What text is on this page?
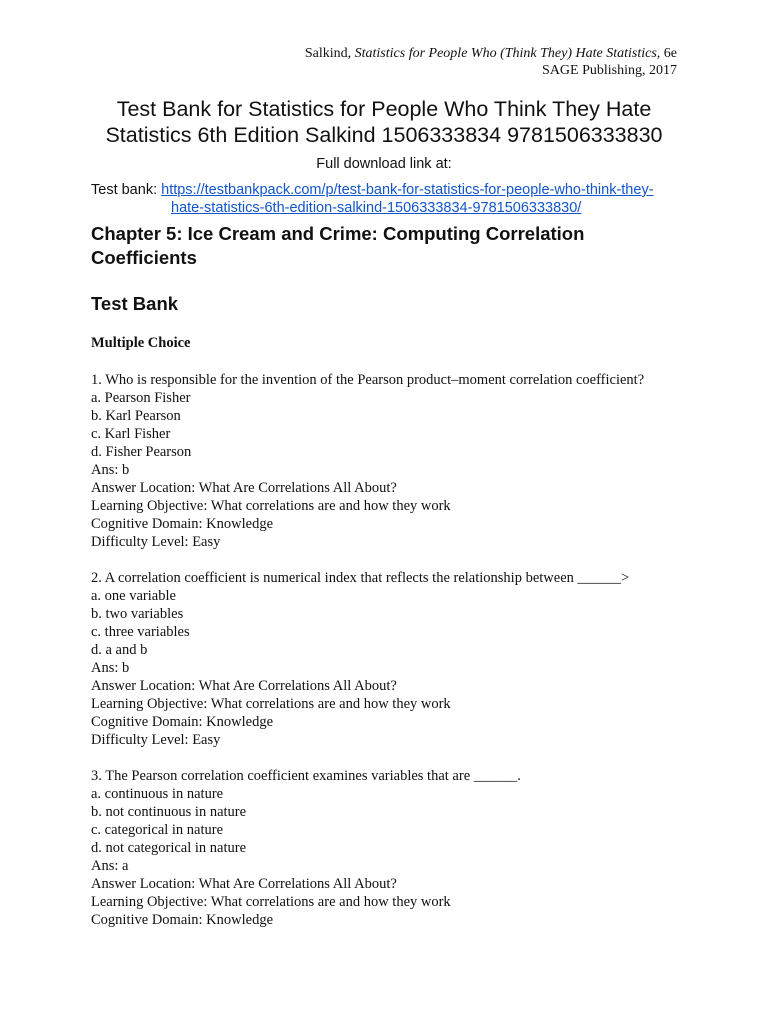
Salkind, Statistics for People Who (Think They) Hate Statistics, 6e
SAGE Publishing, 2017
Test Bank for Statistics for People Who Think They Hate
Statistics 6th Edition Salkind 1506333834 9781506333830
Full download link at:
Test bank: https://testbankpack.com/p/test-bank-for-statistics-for-people-who-think-they-
hate-statistics-6th-edition-salkind-1506333834-9781506333830/
Chapter 5: Ice Cream and Crime: Computing Correlation
Coefficients
Test Bank
Multiple Choice
1. Who is responsible for the invention of the Pearson product–moment correlation coefficient?
a. Pearson Fisher
b. Karl Pearson
c. Karl Fisher
d. Fisher Pearson
Ans: b
Answer Location: What Are Correlations All About?
Learning Objective: What correlations are and how they work
Cognitive Domain: Knowledge
Difficulty Level: Easy
2. A correlation coefficient is numerical index that reflects the relationship between ______>
a. one variable
b. two variables
c. three variables
d. a and b
Ans: b
Answer Location: What Are Correlations All About?
Learning Objective: What correlations are and how they work
Cognitive Domain: Knowledge
Difficulty Level: Easy
3. The Pearson correlation coefficient examines variables that are ______.
a. continuous in nature
b. not continuous in nature
c. categorical in nature
d. not categorical in nature
Ans: a
Answer Location: What Are Correlations All About?
Learning Objective: What correlations are and how they work
Cognitive Domain: Knowledge
